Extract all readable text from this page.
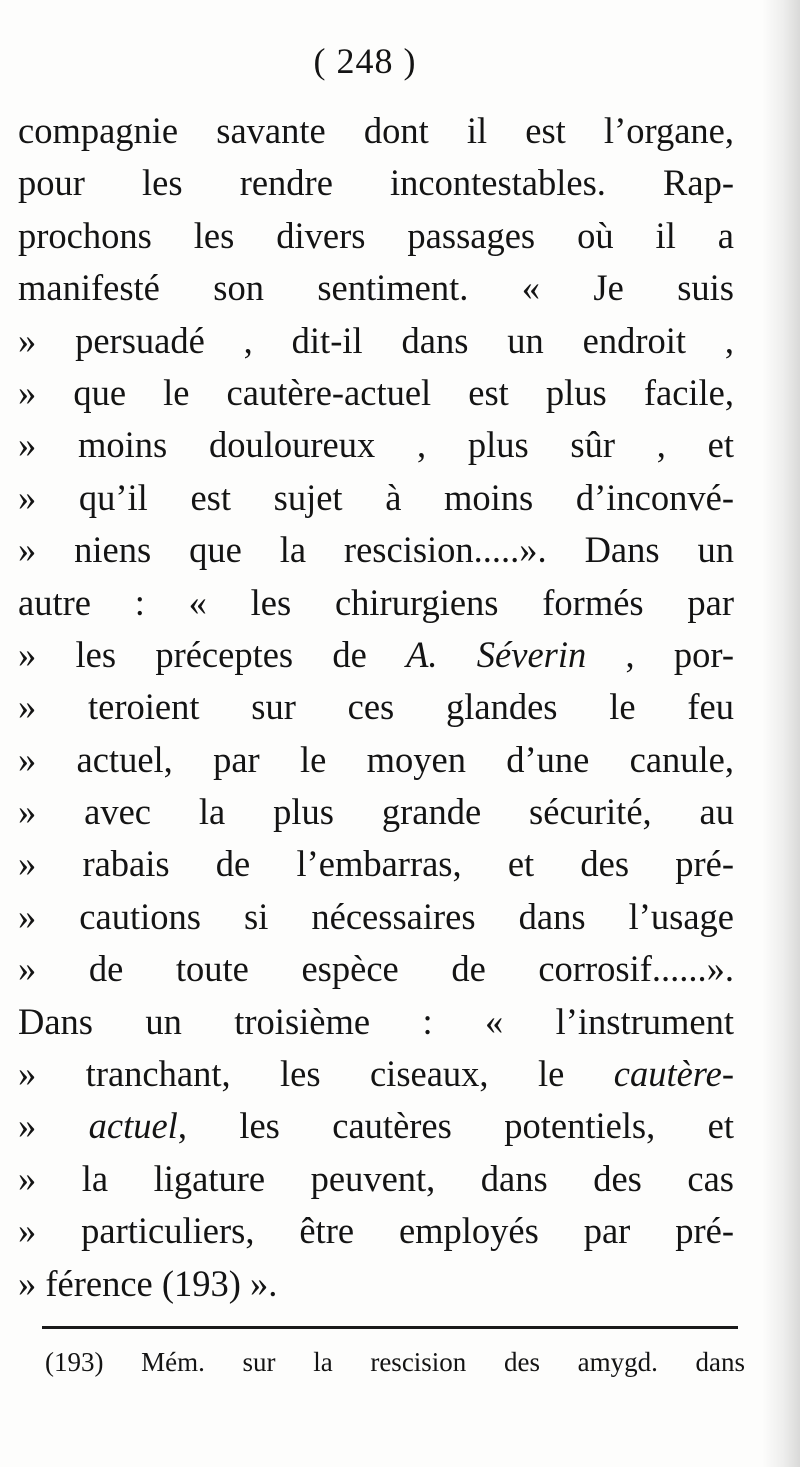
( 248 )
compagnie savante dont il est l’organe,
pour les rendre incontestables. Rap-
prochons les divers passages où il a
manifesté son sentiment. « Je suis
» persuadé , dit-il dans un endroit ,
» que le cautère-actuel est plus facile,
» moins douloureux , plus sûr , et
» qu’il est sujet à moins d’inconvé-
» niens que la rescision.....». Dans un
autre : « les chirurgiens formés par
» les préceptes de A. Séverin , por-
» teroient sur ces glandes le feu
» actuel, par le moyen d’une canule,
» avec la plus grande sécurité, au
» rabais de l’embarras, et des pré-
» cautions si nécessaires dans l’usage
» de toute espèce de corrosif......».
Dans un troisième : « l’instrument
» tranchant, les ciseaux, le cautère-
» actuel, les cautères potentiels, et
» la ligature peuvent, dans des cas
» particuliers, être employés par pré-
» férence (193) ».
(193) Mém. sur la rescision des amygd. dans
